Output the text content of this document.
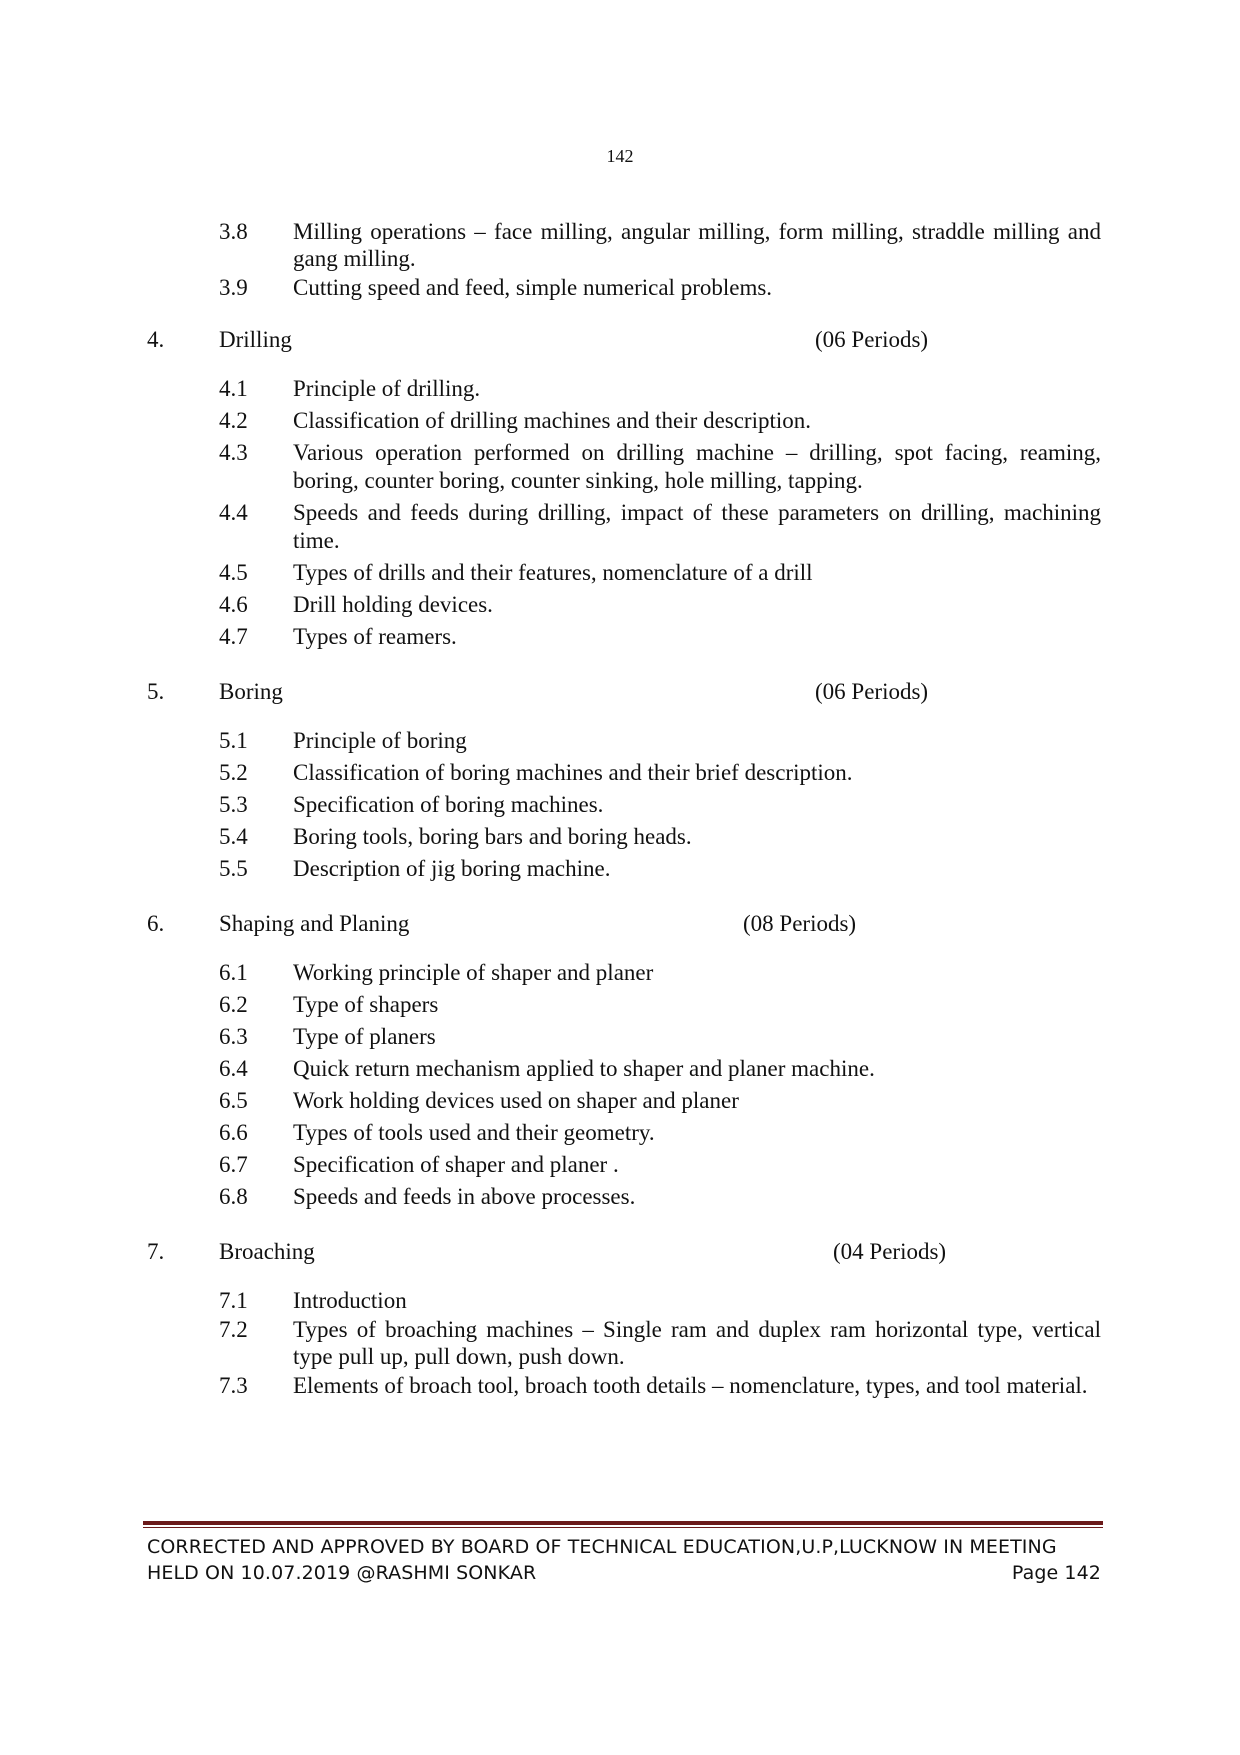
142
3.8 Milling operations – face milling, angular milling, form milling, straddle milling and gang milling.
3.9 Cutting speed and feed, simple numerical problems.
4. Drilling	(06 Periods)
4.1 Principle of drilling.
4.2 Classification of drilling machines and their description.
4.3 Various operation performed on drilling machine – drilling, spot facing, reaming, boring, counter boring, counter sinking, hole milling, tapping.
4.4 Speeds and feeds during drilling, impact of these parameters on drilling, machining time.
4.5 Types of drills and their features, nomenclature of a drill
4.6 Drill holding devices.
4.7 Types of reamers.
5. Boring	(06 Periods)
5.1 Principle of boring
5.2 Classification of boring machines and their brief description.
5.3 Specification of boring machines.
5.4 Boring tools, boring bars and boring heads.
5.5 Description of jig boring machine.
6. Shaping and Planing	(08 Periods)
6.1 Working principle of shaper and planer
6.2 Type of shapers
6.3 Type of planers
6.4 Quick return mechanism applied to shaper and planer machine.
6.5 Work holding devices used on shaper and planer
6.6 Types of tools used and their geometry.
6.7 Specification of shaper and planer .
6.8 Speeds and feeds in above processes.
7. Broaching	(04 Periods)
7.1 Introduction
7.2 Types of broaching machines – Single ram and duplex ram horizontal type, vertical type pull up, pull down, push down.
7.3 Elements of broach tool, broach tooth details – nomenclature, types, and tool material.
CORRECTED AND APPROVED BY BOARD OF TECHNICAL EDUCATION,U.P,LUCKNOW IN MEETING
HELD ON 10.07.2019 @RASHMI SONKAR	Page 142
